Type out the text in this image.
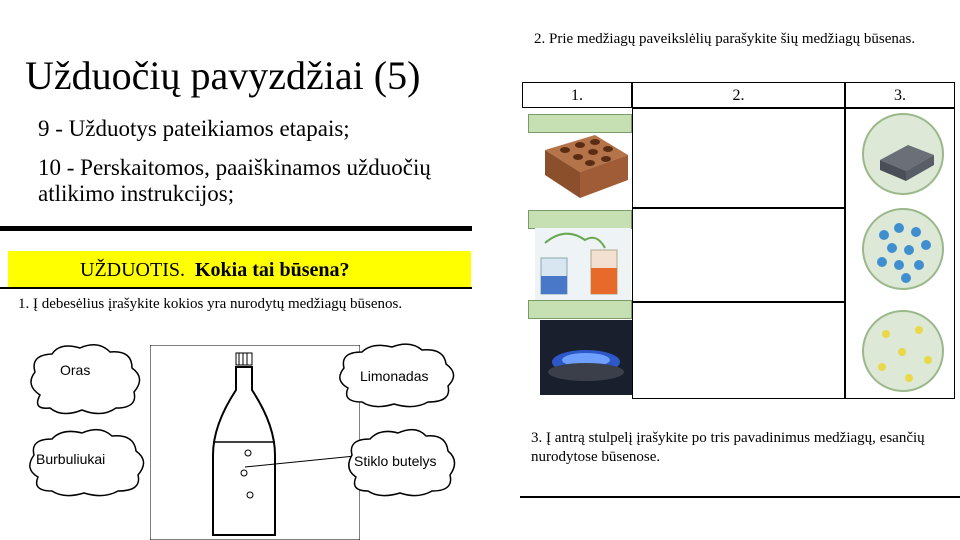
Užduočių pavyzdžiai (5)
9 - Užduotys pateikiamos etapais;
10 - Perskaitomos, paaiškinamos užduočių atlikimo instrukcijos;
UŽDUOTIS. Kokia tai būsena?
1. Į debesėlius įrašykite kokios yra nurodytų medžiagų būsenos.
Oras	Limonadas
Burbuliukai	Stiklo butelys
2. Prie medžiagų paveikslėlių parašykite šių medžiagų būsenas.
1.	2.	3.
3. Į antrą stulpelį įrašykite po tris pavadinimus medžiagų, esančių nurodytose būsenose.
